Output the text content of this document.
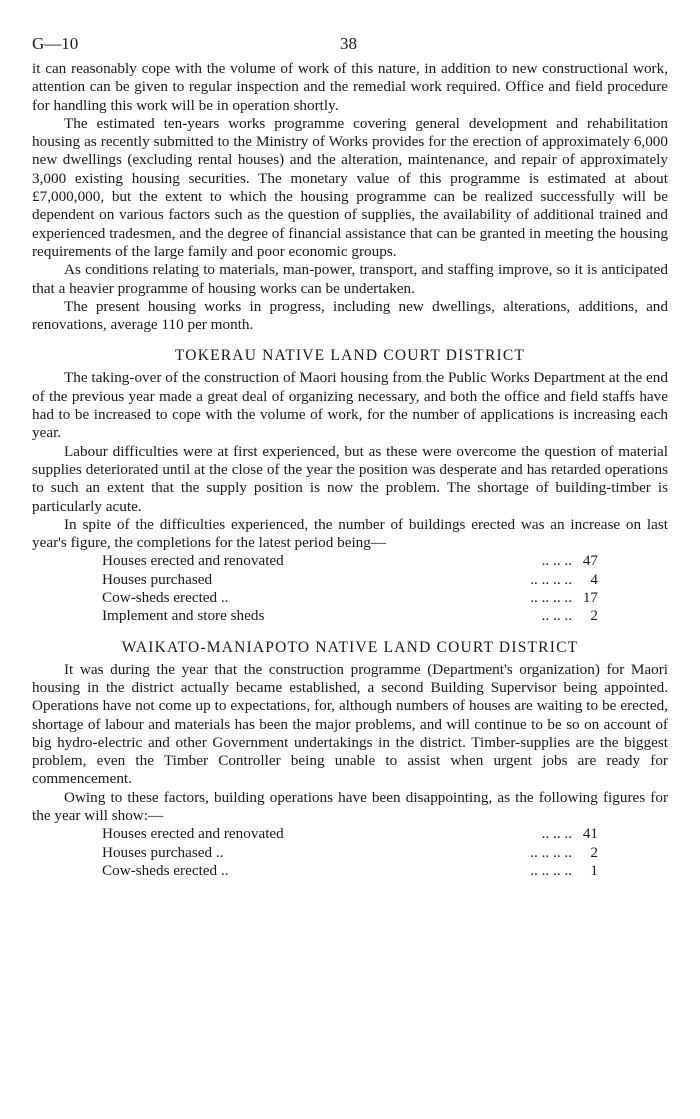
G—10	38

it can reasonably cope with the volume of work of this nature, in addition to new constructional work, attention can be given to regular inspection and the remedial work required. Office and field procedure for handling this work will be in operation shortly.

The estimated ten-years works programme covering general development and rehabilitation housing as recently submitted to the Ministry of Works provides for the erection of approximately 6,000 new dwellings (excluding rental houses) and the alteration, maintenance, and repair of approximately 3,000 existing housing securities. The monetary value of this programme is estimated at about £7,000,000, but the extent to which the housing programme can be realized successfully will be dependent on various factors such as the question of supplies, the availability of additional trained and experienced tradesmen, and the degree of financial assistance that can be granted in meeting the housing requirements of the large family and poor economic groups.

As conditions relating to materials, man-power, transport, and staffing improve, so it is anticipated that a heavier programme of housing works can be undertaken.

The present housing works in progress, including new dwellings, alterations, additions, and renovations, average 110 per month.

TOKERAU NATIVE LAND COURT DISTRICT

The taking-over of the construction of Maori housing from the Public Works Department at the end of the previous year made a great deal of organizing necessary, and both the office and field staffs have had to be increased to cope with the volume of work, for the number of applications is increasing each year.

Labour difficulties were at first experienced, but as these were overcome the question of material supplies deteriorated until at the close of the year the position was desperate and has retarded operations to such an extent that the supply position is now the problem. The shortage of building-timber is particularly acute.

In spite of the difficulties experienced, the number of buildings erected was an increase on last year's figure, the completions for the latest period being—

Houses erected and renovated	.. .. .. 47
Houses purchased	.. .. .. ..	4
Cow-sheds erected ..	.. .. .. .. 17
Implement and store sheds	.. .. ..	2
WAIKATO-MANIAPOTO NATIVE LAND COURT DISTRICT

It was during the year that the construction programme (Department's organization) for Maori housing in the district actually became established, a second Building Supervisor being appointed. Operations have not come up to expectations, for, although numbers of houses are waiting to be erected, shortage of labour and materials has been the major problems, and will continue to be so on account of big hydro-electric and other Government undertakings in the district. Timber-supplies are the biggest problem, even the Timber Controller being unable to assist when urgent jobs are ready for commencement.

Owing to these factors, building operations have been disappointing, as the following figures for the year will show:—

Houses erected and renovated	.. .. .. 41
Houses purchased ..	.. .. .. ..	2
Cow-sheds erected ..	.. .. .. ..	1
